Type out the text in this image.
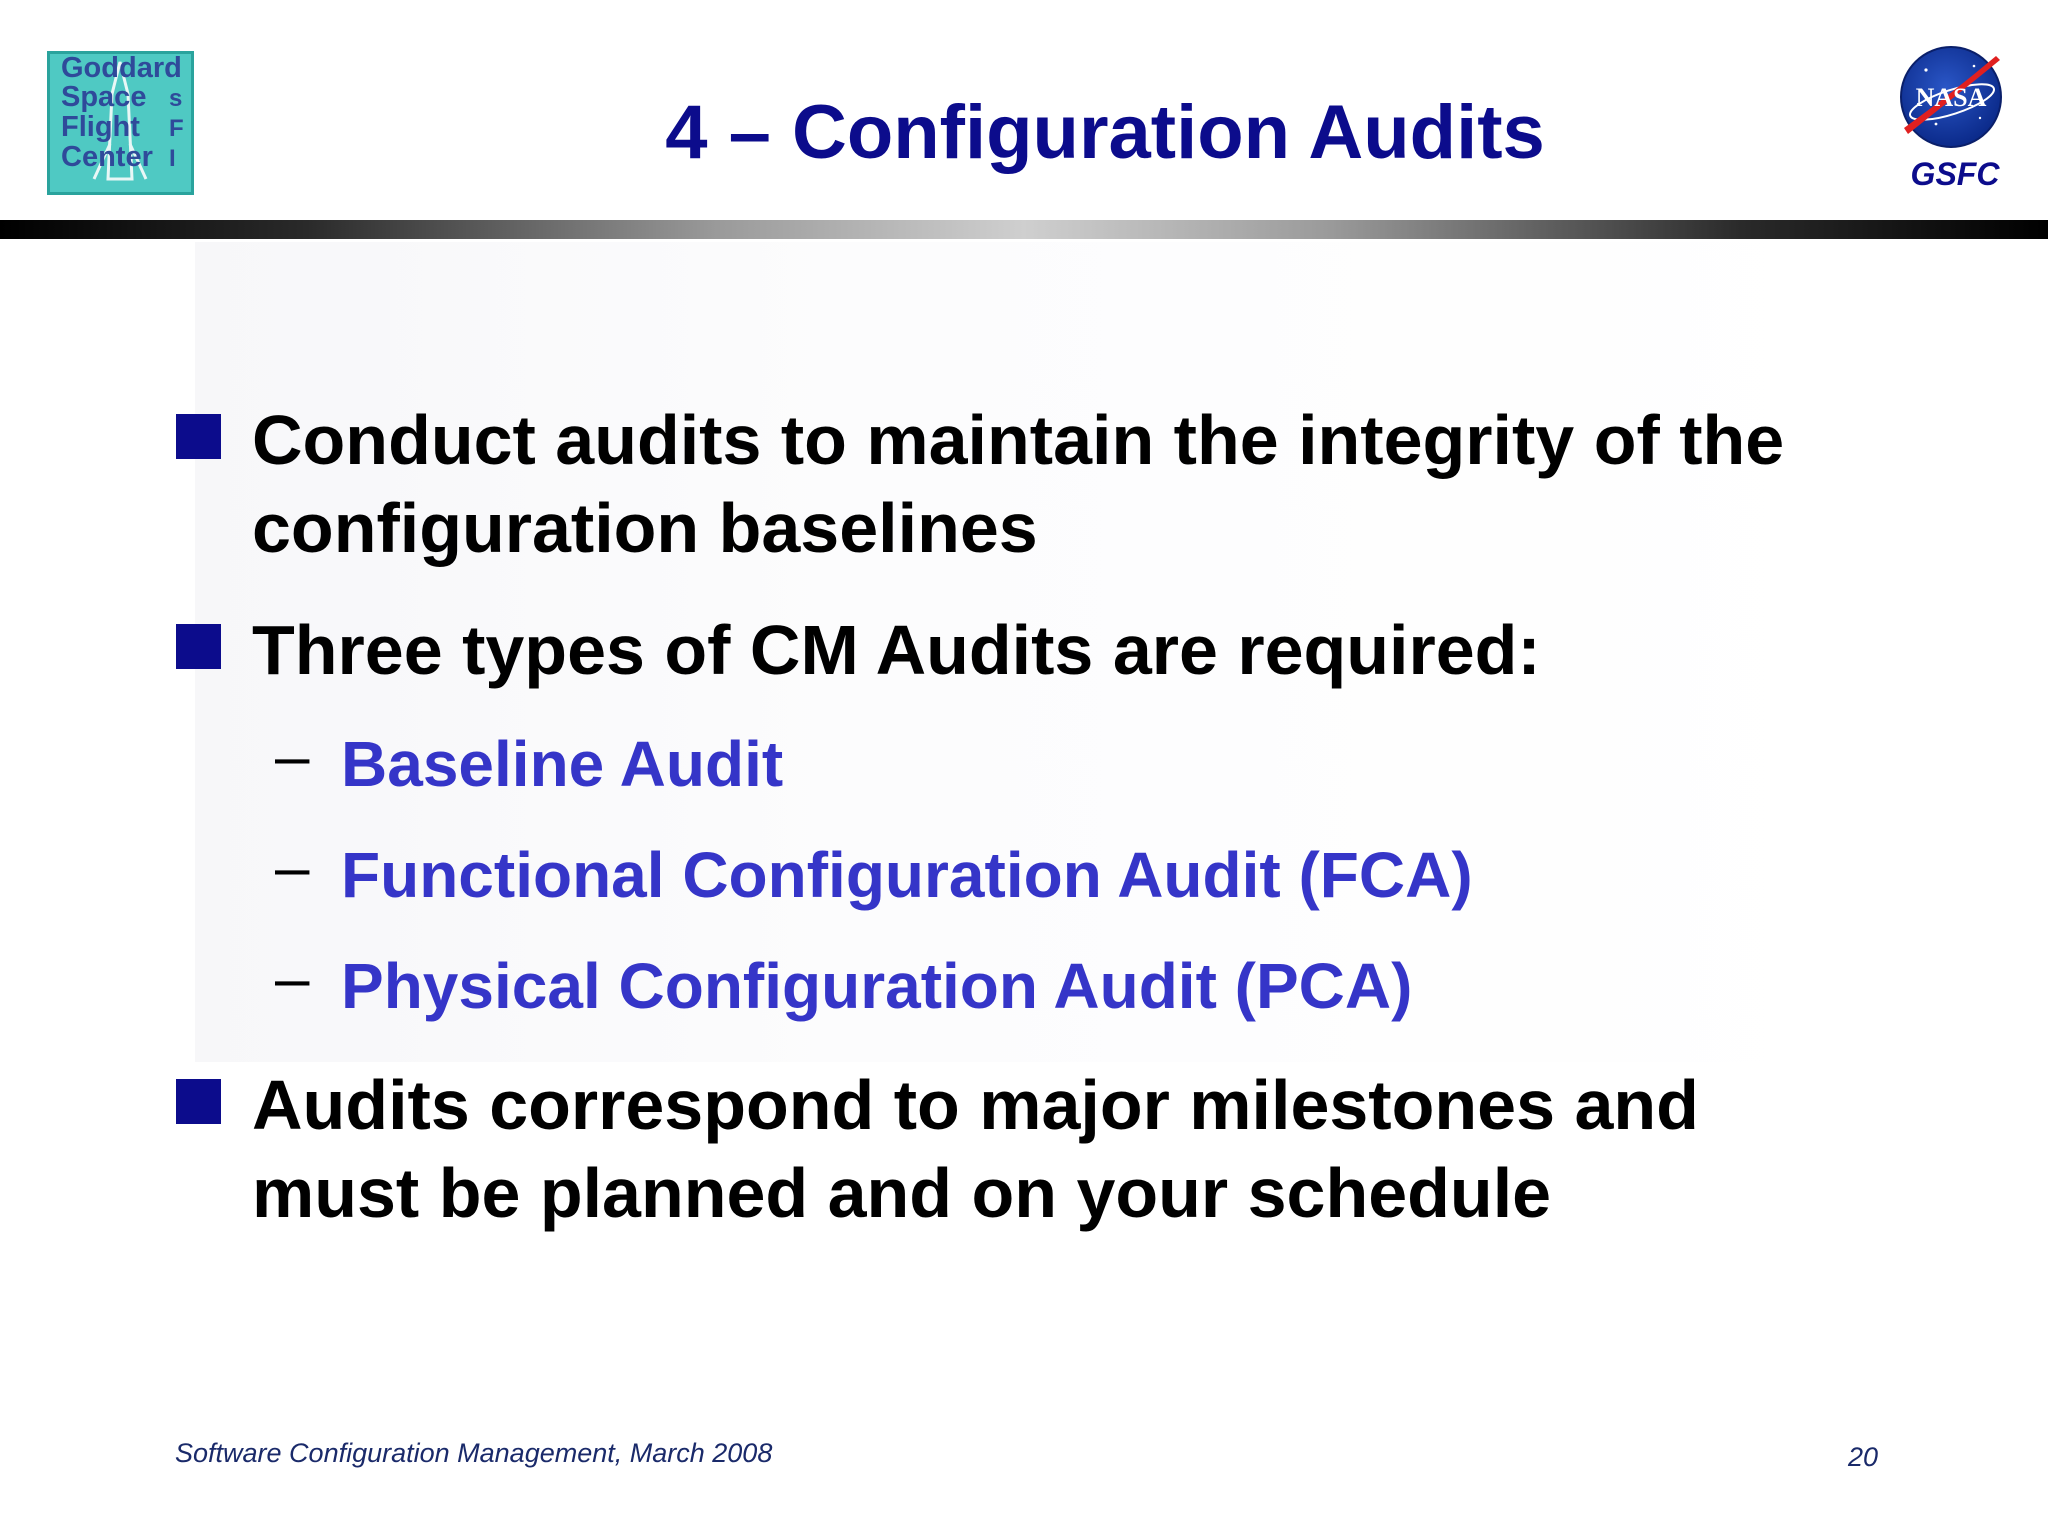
Goddard
Space
Flight
Center
s
F
I	4 – Configuration Audits	NASA
GSFC
Conduct audits to maintain the integrity of the
configuration baselines
Three types of CM Audits are required:
– Baseline Audit
– Functional Configuration Audit (FCA)
– Physical Configuration Audit (PCA)
Audits correspond to major milestones and
must be planned and on your schedule
Software Configuration Management, March 2008	20
